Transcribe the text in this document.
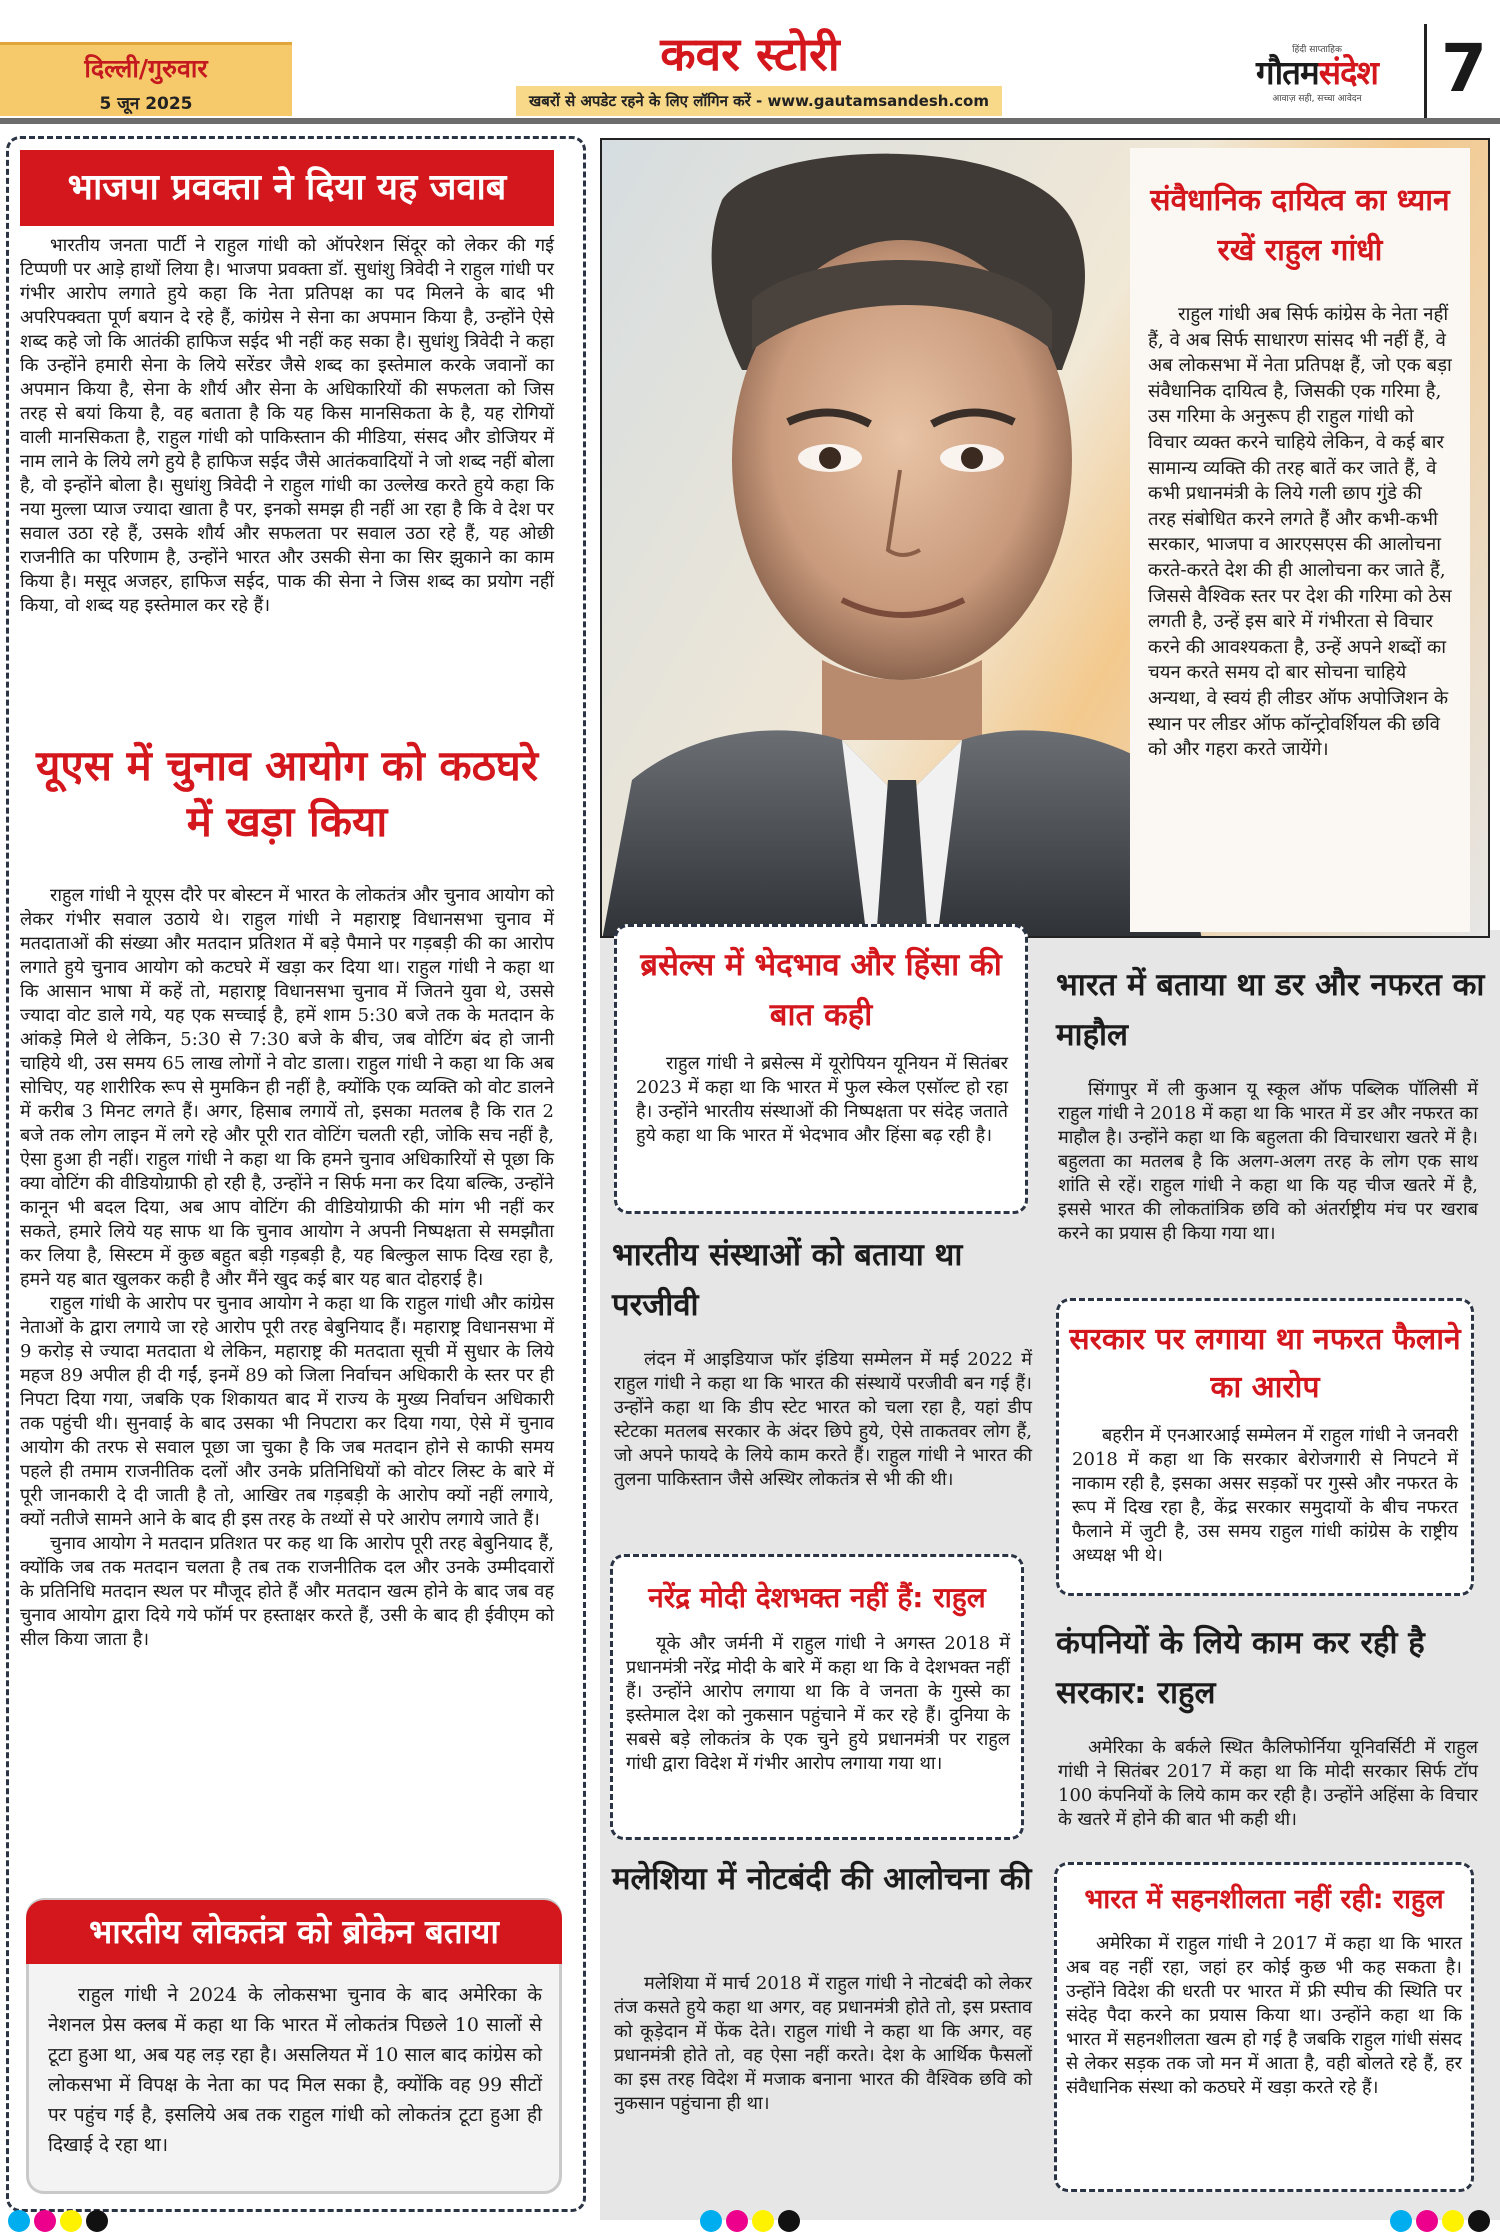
दिल्ली/गुरुवार
5 जून 2025
कवर स्टोरी
खबरों से अपडेट रहने के लिए लॉगिन करें - www.gautamsandesh.com
हिंदी साप्ताहिक
गौतमसंदेश
आवाज़ सही, सच्चा आवेदन	7
भाजपा प्रवक्ता ने दिया यह जवाब

भारतीय जनता पार्टी ने राहुल गांधी को ऑपरेशन सिंदूर को लेकर की गई टिप्पणी पर आड़े हाथों लिया है। भाजपा प्रवक्ता डॉ. सुधांशु त्रिवेदी ने राहुल गांधी पर गंभीर आरोप लगाते हुये कहा कि नेता प्रतिपक्ष का पद मिलने के बाद भी अपरिपक्वता पूर्ण बयान दे रहे हैं, कांग्रेस ने सेना का अपमान किया है, उन्होंने ऐसे शब्द कहे जो कि आतंकी हाफिज सईद भी नहीं कह सका है। सुधांशु त्रिवेदी ने कहा कि उन्होंने हमारी सेना के लिये सरेंडर जैसे शब्द का इस्तेमाल करके जवानों का अपमान किया है, सेना के शौर्य और सेना के अधिकारियों की सफलता को जिस तरह से बयां किया है, वह बताता है कि यह किस मानसिकता के है, यह रोगियों वाली मानसिकता है, राहुल गांधी को पाकिस्तान की मीडिया, संसद और डोजियर में नाम लाने के लिये लगे हुये है हाफिज सईद जैसे आतंकवादियों ने जो शब्द नहीं बोला है, वो इन्होंने बोला है। सुधांशु त्रिवेदी ने राहुल गांधी का उल्लेख करते हुये कहा कि नया मुल्ला प्याज ज्यादा खाता है पर, इनको समझ ही नहीं आ रहा है कि वे देश पर सवाल उठा रहे हैं, उसके शौर्य और सफलता पर सवाल उठा रहे हैं, यह ओछी राजनीति का परिणाम है, उन्होंने भारत और उसकी सेना का सिर झुकाने का काम किया है। मसूद अजहर, हाफिज सईद, पाक की सेना ने जिस शब्द का प्रयोग नहीं किया, वो शब्द यह इस्तेमाल कर रहे हैं।

यूएस में चुनाव आयोग को कठघरे में खड़ा किया

राहुल गांधी ने यूएस दौरे पर बोस्टन में भारत के लोकतंत्र और चुनाव आयोग को लेकर गंभीर सवाल उठाये थे। राहुल गांधी ने महाराष्ट्र विधानसभा चुनाव में मतदाताओं की संख्या और मतदान प्रतिशत में बड़े पैमाने पर गड़बड़ी की का आरोप लगाते हुये चुनाव आयोग को कटघरे में खड़ा कर दिया था। राहुल गांधी ने कहा था कि आसान भाषा में कहें तो, महाराष्ट्र विधानसभा चुनाव में जितने युवा थे, उससे ज्यादा वोट डाले गये, यह एक सच्चाई है, हमें शाम 5:30 बजे तक के मतदान के आंकड़े मिले थे लेकिन, 5:30 से 7:30 बजे के बीच, जब वोटिंग बंद हो जानी चाहिये थी, उस समय 65 लाख लोगों ने वोट डाला। राहुल गांधी ने कहा था कि अब सोचिए, यह शारीरिक रूप से मुमकिन ही नहीं है, क्योंकि एक व्यक्ति को वोट डालने में करीब 3 मिनट लगते हैं। अगर, हिसाब लगायें तो, इसका मतलब है कि रात 2 बजे तक लोग लाइन में लगे रहे और पूरी रात वोटिंग चलती रही, जोकि सच नहीं है, ऐसा हुआ ही नहीं। राहुल गांधी ने कहा था कि हमने चुनाव अधिकारियों से पूछा कि क्या वोटिंग की वीडियोग्राफी हो रही है, उन्होंने न सिर्फ मना कर दिया बल्कि, उन्होंने कानून भी बदल दिया, अब आप वोटिंग की वीडियोग्राफी की मांग भी नहीं कर सकते, हमारे लिये यह साफ था कि चुनाव आयोग ने अपनी निष्पक्षता से समझौता कर लिया है, सिस्टम में कुछ बहुत बड़ी गड़बड़ी है, यह बिल्कुल साफ दिख रहा है, हमने यह बात खुलकर कही है और मैंने खुद कई बार यह बात दोहराई है।

राहुल गांधी के आरोप पर चुनाव आयोग ने कहा था कि राहुल गांधी और कांग्रेस नेताओं के द्वारा लगाये जा रहे आरोप पूरी तरह बेबुनियाद हैं। महाराष्ट्र विधानसभा में 9 करोड़ से ज्यादा मतदाता थे लेकिन, महाराष्ट्र की मतदाता सूची में सुधार के लिये महज 89 अपील ही दी गईं, इनमें 89 को जिला निर्वाचन अधिकारी के स्तर पर ही निपटा दिया गया, जबकि एक शिकायत बाद में राज्य के मुख्य निर्वाचन अधिकारी तक पहुंची थी। सुनवाई के बाद उसका भी निपटारा कर दिया गया, ऐसे में चुनाव आयोग की तरफ से सवाल पूछा जा चुका है कि जब मतदान होने से काफी समय पहले ही तमाम राजनीतिक दलों और उनके प्रतिनिधियों को वोटर लिस्ट के बारे में पूरी जानकारी दे दी जाती है तो, आखिर तब गड़बड़ी के आरोप क्यों नहीं लगाये, क्यों नतीजे सामने आने के बाद ही इस तरह के तथ्यों से परे आरोप लगाये जाते हैं।

चुनाव आयोग ने मतदान प्रतिशत पर कह था कि आरोप पूरी तरह बेबुनियाद हैं, क्योंकि जब तक मतदान चलता है तब तक राजनीतिक दल और उनके उम्मीदवारों के प्रतिनिधि मतदान स्थल पर मौजूद होते हैं और मतदान खत्म होने के बाद जब वह चुनाव आयोग द्वारा दिये गये फॉर्म पर हस्ताक्षर करते हैं, उसी के बाद ही ईवीएम को सील किया जाता है।

भारतीय लोकतंत्र को ब्रोकेन बताया

राहुल गांधी ने 2024 के लोकसभा चुनाव के बाद अमेरिका के नेशनल प्रेस क्लब में कहा था कि भारत में लोकतंत्र पिछले 10 सालों से टूटा हुआ था, अब यह लड़ रहा है। असलियत में 10 साल बाद कांग्रेस को लोकसभा में विपक्ष के नेता का पद मिल सका है, क्योंकि वह 99 सीटों पर पहुंच गई है, इसलिये अब तक राहुल गांधी को लोकतंत्र टूटा हुआ ही दिखाई दे रहा था।

संवैधानिक दायित्व का ध्यान रखें राहुल गांधी

राहुल गांधी अब सिर्फ कांग्रेस के नेता नहीं हैं, वे अब सिर्फ साधारण सांसद भी नहीं हैं, वे अब लोकसभा में नेता प्रतिपक्ष हैं, जो एक बड़ा संवैधानिक दायित्व है, जिसकी एक गरिमा है, उस गरिमा के अनुरूप ही राहुल गांधी को विचार व्यक्त करने चाहिये लेकिन, वे कई बार सामान्य व्यक्ति की तरह बातें कर जाते हैं, वे कभी प्रधानमंत्री के लिये गली छाप गुंडे की तरह संबोधित करने लगते हैं और कभी-कभी सरकार, भाजपा व आरएसएस की आलोचना करते-करते देश की ही आलोचना कर जाते हैं, जिससे वैश्विक स्तर पर देश की गरिमा को ठेस लगती है, उन्हें इस बारे में गंभीरता से विचार करने की आवश्यकता है, उन्हें अपने शब्दों का चयन करते समय दो बार सोचना चाहिये अन्यथा, वे स्वयं ही लीडर ऑफ अपोजिशन के स्थान पर लीडर ऑफ कॉन्ट्रोवर्शियल की छवि को और गहरा करते जायेंगे।

ब्रसेल्स में भेदभाव और हिंसा की बात कही

राहुल गांधी ने ब्रसेल्स में यूरोपियन यूनियन में सितंबर 2023 में कहा था कि भारत में फुल स्केल एसॉल्ट हो रहा है। उन्होंने भारतीय संस्थाओं की निष्पक्षता पर संदेह जताते हुये कहा था कि भारत में भेदभाव और हिंसा बढ़ रही है।

भारतीय संस्थाओं को बताया था परजीवी

लंदन में आइडियाज फॉर इंडिया सम्मेलन में मई 2022 में राहुल गांधी ने कहा था कि भारत की संस्थायें परजीवी बन गई हैं। उन्होंने कहा था कि डीप स्टेट भारत को चला रहा है, यहां डीप स्टेटका मतलब सरकार के अंदर छिपे हुये, ऐसे ताकतवर लोग हैं, जो अपने फायदे के लिये काम करते हैं। राहुल गांधी ने भारत की तुलना पाकिस्तान जैसे अस्थिर लोकतंत्र से भी की थी।

नरेंद्र मोदी देशभक्त नहीं हैं: राहुल

यूके और जर्मनी में राहुल गांधी ने अगस्त 2018 में प्रधानमंत्री नरेंद्र मोदी के बारे में कहा था कि वे देशभक्त नहीं हैं। उन्होंने आरोप लगाया था कि वे जनता के गुस्से का इस्तेमाल देश को नुकसान पहुंचाने में कर रहे हैं। दुनिया के सबसे बड़े लोकतंत्र के एक चुने हुये प्रधानमंत्री पर राहुल गांधी द्वारा विदेश में गंभीर आरोप लगाया गया था।

मलेशिया में नोटबंदी की आलोचना की

मलेशिया में मार्च 2018 में राहुल गांधी ने नोटबंदी को लेकर तंज कसते हुये कहा था अगर, वह प्रधानमंत्री होते तो, इस प्रस्ताव को कूड़ेदान में फेंक देते। राहुल गांधी ने कहा था कि अगर, वह प्रधानमंत्री होते तो, वह ऐसा नहीं करते। देश के आर्थिक फैसलों का इस तरह विदेश में मजाक बनाना भारत की वैश्विक छवि को नुकसान पहुंचाना ही था।

भारत में बताया था डर और नफरत का माहौल

सिंगापुर में ली कुआन यू स्कूल ऑफ पब्लिक पॉलिसी में राहुल गांधी ने 2018 में कहा था कि भारत में डर और नफरत का माहौल है। उन्होंने कहा था कि बहुलता की विचारधारा खतरे में है। बहुलता का मतलब है कि अलग-अलग तरह के लोग एक साथ शांति से रहें। राहुल गांधी ने कहा था कि यह चीज खतरे में है, इससे भारत की लोकतांत्रिक छवि को अंतर्राष्ट्रीय मंच पर खराब करने का प्रयास ही किया गया था।

सरकार पर लगाया था नफरत फैलाने का आरोप

बहरीन में एनआरआई सम्मेलन में राहुल गांधी ने जनवरी 2018 में कहा था कि सरकार बेरोजगारी से निपटने में नाकाम रही है, इसका असर सड़कों पर गुस्से और नफरत के रूप में दिख रहा है, केंद्र सरकार समुदायों के बीच नफरत फैलाने में जुटी है, उस समय राहुल गांधी कांग्रेस के राष्ट्रीय अध्यक्ष भी थे।

कंपनियों के लिये काम कर रही है सरकार: राहुल

अमेरिका के बर्कले स्थित कैलिफोर्निया यूनिवर्सिटी में राहुल गांधी ने सितंबर 2017 में कहा था कि मोदी सरकार सिर्फ टॉप 100 कंपनियों के लिये काम कर रही है। उन्होंने अहिंसा के विचार के खतरे में होने की बात भी कही थी।

भारत में सहनशीलता नहीं रही: राहुल

अमेरिका में राहुल गांधी ने 2017 में कहा था कि भारत अब वह नहीं रहा, जहां हर कोई कुछ भी कह सकता है। उन्होंने विदेश की धरती पर भारत में फ्री स्पीच की स्थिति पर संदेह पैदा करने का प्रयास किया था। उन्होंने कहा था कि भारत में सहनशीलता खत्म हो गई है जबकि राहुल गांधी संसद से लेकर सड़क तक जो मन में आता है, वही बोलते रहे हैं, हर संवैधानिक संस्था को कठघरे में खड़ा करते रहे हैं।
